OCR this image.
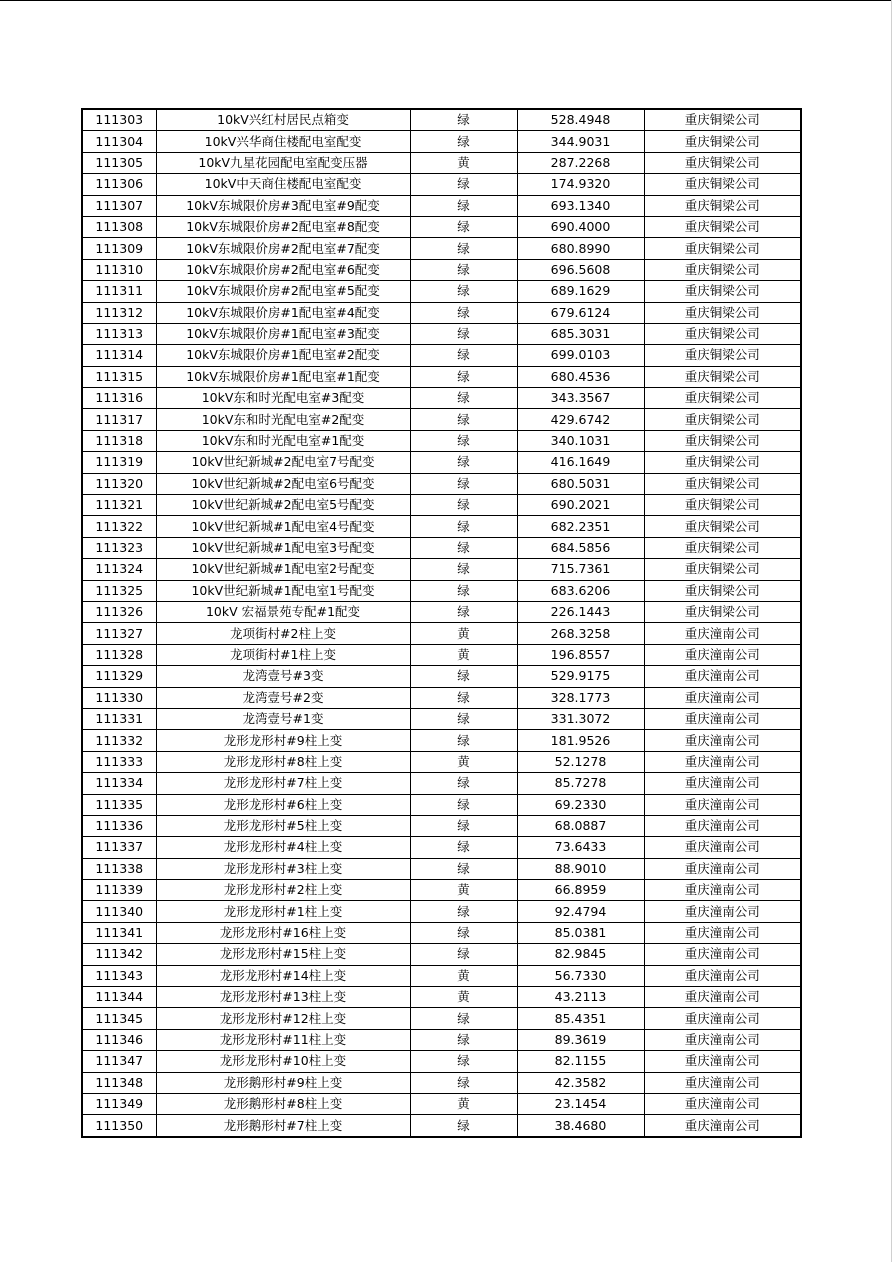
111303	10kV兴红村居民点箱变	绿	528.4948	重庆铜梁公司
111304	10kV兴华商住楼配电室配变	绿	344.9031	重庆铜梁公司
111305	10kV九星花园配电室配变压器	黄	287.2268	重庆铜梁公司
111306	10kV中天商住楼配电室配变	绿	174.9320	重庆铜梁公司
111307	10kV东城限价房#3配电室#9配变	绿	693.1340	重庆铜梁公司
111308	10kV东城限价房#2配电室#8配变	绿	690.4000	重庆铜梁公司
111309	10kV东城限价房#2配电室#7配变	绿	680.8990	重庆铜梁公司
111310	10kV东城限价房#2配电室#6配变	绿	696.5608	重庆铜梁公司
111311	10kV东城限价房#2配电室#5配变	绿	689.1629	重庆铜梁公司
111312	10kV东城限价房#1配电室#4配变	绿	679.6124	重庆铜梁公司
111313	10kV东城限价房#1配电室#3配变	绿	685.3031	重庆铜梁公司
111314	10kV东城限价房#1配电室#2配变	绿	699.0103	重庆铜梁公司
111315	10kV东城限价房#1配电室#1配变	绿	680.4536	重庆铜梁公司
111316	10kV东和时光配电室#3配变	绿	343.3567	重庆铜梁公司
111317	10kV东和时光配电室#2配变	绿	429.6742	重庆铜梁公司
111318	10kV东和时光配电室#1配变	绿	340.1031	重庆铜梁公司
111319	10kV世纪新城#2配电室7号配变	绿	416.1649	重庆铜梁公司
111320	10kV世纪新城#2配电室6号配变	绿	680.5031	重庆铜梁公司
111321	10kV世纪新城#2配电室5号配变	绿	690.2021	重庆铜梁公司
111322	10kV世纪新城#1配电室4号配变	绿	682.2351	重庆铜梁公司
111323	10kV世纪新城#1配电室3号配变	绿	684.5856	重庆铜梁公司
111324	10kV世纪新城#1配电室2号配变	绿	715.7361	重庆铜梁公司
111325	10kV世纪新城#1配电室1号配变	绿	683.6206	重庆铜梁公司
111326	10kV 宏福景苑专配#1配变	绿	226.1443	重庆铜梁公司
111327	龙项街村#2柱上变	黄	268.3258	重庆潼南公司
111328	龙项街村#1柱上变	黄	196.8557	重庆潼南公司
111329	龙湾壹号#3变	绿	529.9175	重庆潼南公司
111330	龙湾壹号#2变	绿	328.1773	重庆潼南公司
111331	龙湾壹号#1变	绿	331.3072	重庆潼南公司
111332	龙形龙形村#9柱上变	绿	181.9526	重庆潼南公司
111333	龙形龙形村#8柱上变	黄	52.1278	重庆潼南公司
111334	龙形龙形村#7柱上变	绿	85.7278	重庆潼南公司
111335	龙形龙形村#6柱上变	绿	69.2330	重庆潼南公司
111336	龙形龙形村#5柱上变	绿	68.0887	重庆潼南公司
111337	龙形龙形村#4柱上变	绿	73.6433	重庆潼南公司
111338	龙形龙形村#3柱上变	绿	88.9010	重庆潼南公司
111339	龙形龙形村#2柱上变	黄	66.8959	重庆潼南公司
111340	龙形龙形村#1柱上变	绿	92.4794	重庆潼南公司
111341	龙形龙形村#16柱上变	绿	85.0381	重庆潼南公司
111342	龙形龙形村#15柱上变	绿	82.9845	重庆潼南公司
111343	龙形龙形村#14柱上变	黄	56.7330	重庆潼南公司
111344	龙形龙形村#13柱上变	黄	43.2113	重庆潼南公司
111345	龙形龙形村#12柱上变	绿	85.4351	重庆潼南公司
111346	龙形龙形村#11柱上变	绿	89.3619	重庆潼南公司
111347	龙形龙形村#10柱上变	绿	82.1155	重庆潼南公司
111348	龙形鹅形村#9柱上变	绿	42.3582	重庆潼南公司
111349	龙形鹅形村#8柱上变	黄	23.1454	重庆潼南公司
111350	龙形鹅形村#7柱上变	绿	38.4680	重庆潼南公司
